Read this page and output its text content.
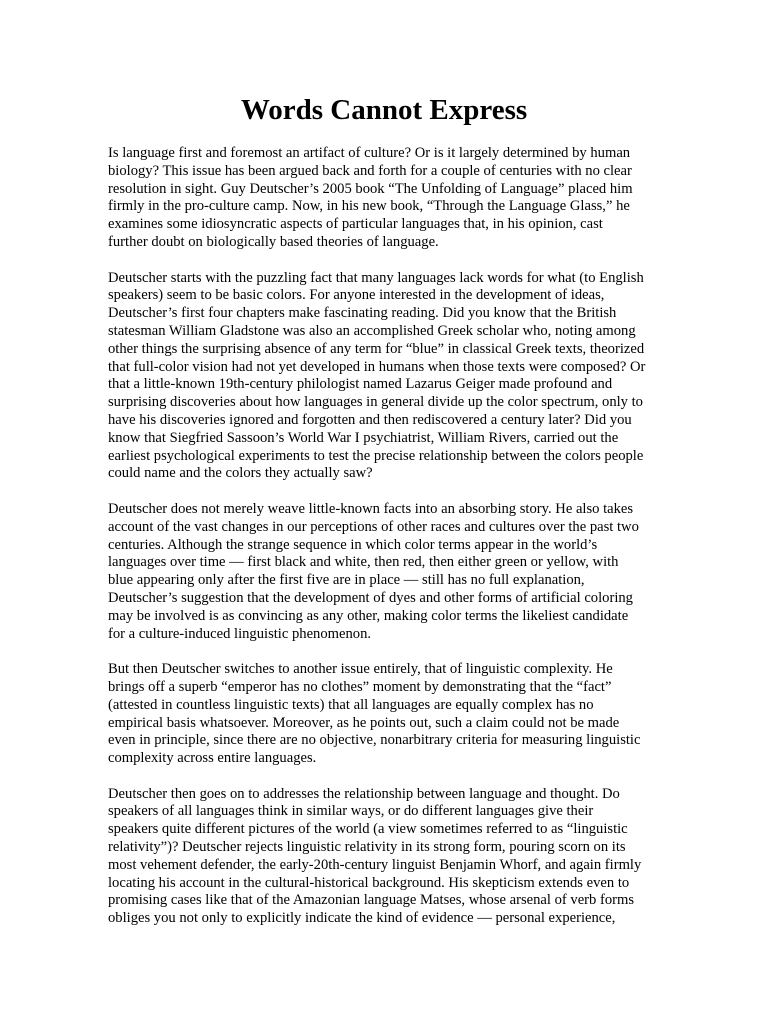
Words Cannot Express

Is language first and foremost an artifact of culture? Or is it largely determined by human
biology? This issue has been argued back and forth for a couple of centuries with no clear
resolution in sight. Guy Deutscher’s 2005 book “The Unfolding of Language” placed him
firmly in the pro-culture camp. Now, in his new book, “Through the Language Glass,” he
examines some idiosyncratic aspects of particular languages that, in his opinion, cast
further doubt on biologically based theories of language.

Deutscher starts with the puzzling fact that many languages lack words for what (to English
speakers) seem to be basic colors. For anyone interested in the development of ideas,
Deutscher’s first four chapters make fascinating reading. Did you know that the British
statesman William Gladstone was also an accomplished Greek scholar who, noting among
other things the surprising absence of any term for “blue” in classical Greek texts, theorized
that full-color vision had not yet developed in humans when those texts were composed? Or
that a little-known 19th-century philologist named Lazarus Geiger made profound and
surprising discoveries about how languages in general divide up the color spectrum, only to
have his discoveries ignored and forgotten and then rediscovered a century later? Did you
know that Siegfried Sassoon’s World War I psychiatrist, William Rivers, carried out the
earliest psychological experiments to test the precise relationship between the colors people
could name and the colors they actually saw?

Deutscher does not merely weave little-known facts into an absorbing story. He also takes
account of the vast changes in our perceptions of other races and cultures over the past two
centuries. Although the strange sequence in which color terms appear in the world’s
languages over time — first black and white, then red, then either green or yellow, with
blue appearing only after the first five are in place — still has no full explanation,
Deutscher’s suggestion that the development of dyes and other forms of artificial coloring
may be involved is as convincing as any other, making color terms the likeliest candidate
for a culture-induced linguistic phenomenon.

But then Deutscher switches to another issue entirely, that of linguistic complexity. He
brings off a superb “emperor has no clothes” moment by demonstrating that the “fact”
(attested in countless linguistic texts) that all languages are equally complex has no
empirical basis whatsoever. Moreover, as he points out, such a claim could not be made
even in principle, since there are no objective, nonarbitrary criteria for measuring linguistic
complexity across entire languages.

Deutscher then goes on to addresses the relationship between language and thought. Do
speakers of all languages think in similar ways, or do different languages give their
speakers quite different pictures of the world (a view sometimes referred to as “linguistic
relativity”)? Deutscher rejects linguistic relativity in its strong form, pouring scorn on its
most vehement defender, the early-20th-century linguist Benjamin Whorf, and again firmly
locating his account in the cultural-historical background. His skepticism extends even to
promising cases like that of the Amazonian language Matses, whose arsenal of verb forms
obliges you not only to explicitly indicate the kind of evidence — personal experience,
